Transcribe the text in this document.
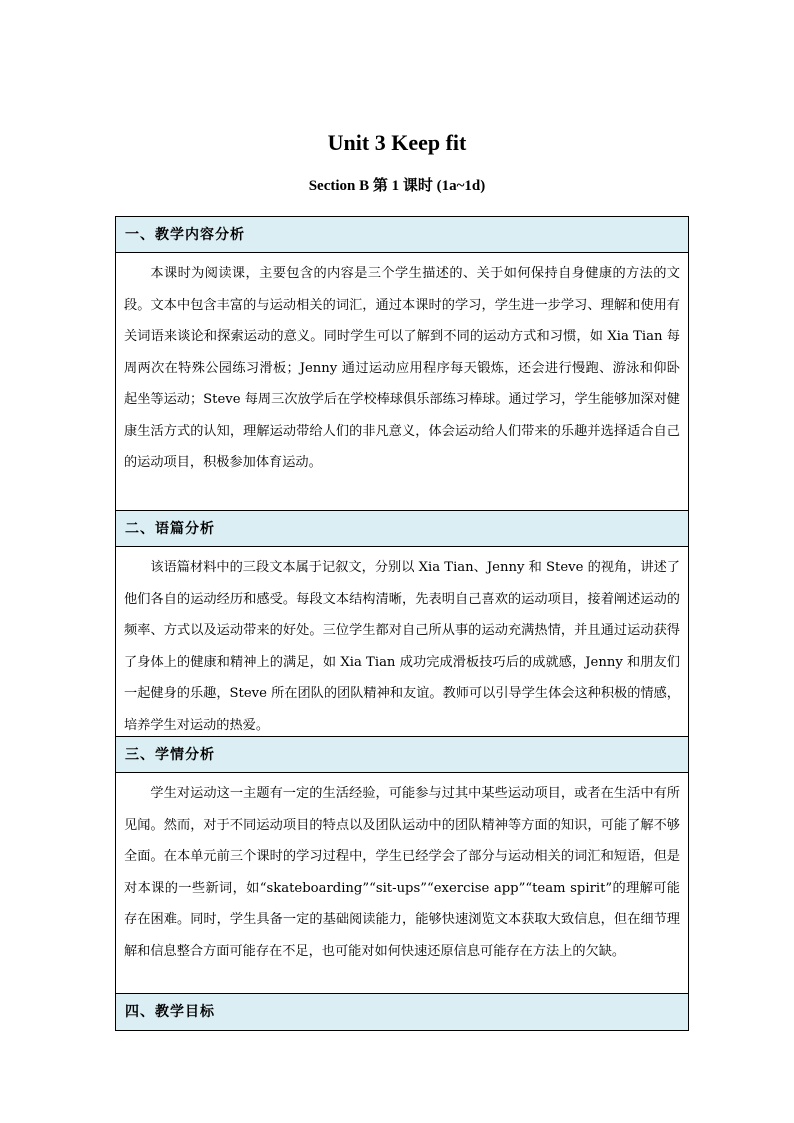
Unit 3 Keep fit
Section B 第 1 课时 (1a~1d)
一、教学内容分析
本课时为阅读课，主要包含的内容是三个学生描述的、关于如何保持自身健康的方法的文段。文本中包含丰富的与运动相关的词汇，通过本课时的学习，学生进一步学习、理解和使用有关词语来谈论和探索运动的意义。同时学生可以了解到不同的运动方式和习惯，如 Xia Tian 每周两次在特殊公园练习滑板；Jenny 通过运动应用程序每天锻炼，还会进行慢跑、游泳和仰卧起坐等运动；Steve 每周三次放学后在学校棒球俱乐部练习棒球。通过学习，学生能够加深对健康生活方式的认知，理解运动带给人们的非凡意义，体会运动给人们带来的乐趣并选择适合自己的运动项目，积极参加体育运动。
二、语篇分析
该语篇材料中的三段文本属于记叙文，分别以 Xia Tian、Jenny 和 Steve 的视角，讲述了他们各自的运动经历和感受。每段文本结构清晰，先表明自己喜欢的运动项目，接着阐述运动的频率、方式以及运动带来的好处。三位学生都对自己所从事的运动充满热情，并且通过运动获得了身体上的健康和精神上的满足，如 Xia Tian 成功完成滑板技巧后的成就感，Jenny 和朋友们一起健身的乐趣，Steve 所在团队的团队精神和友谊。教师可以引导学生体会这种积极的情感，培养学生对运动的热爱。
三、学情分析
学生对运动这一主题有一定的生活经验，可能参与过其中某些运动项目，或者在生活中有所见闻。然而，对于不同运动项目的特点以及团队运动中的团队精神等方面的知识，可能了解不够全面。在本单元前三个课时的学习过程中，学生已经学会了部分与运动相关的词汇和短语，但是对本课的一些新词，如“skateboarding”“sit-ups”“exercise app”“team spirit”的理解可能存在困难。同时，学生具备一定的基础阅读能力，能够快速浏览文本获取大致信息，但在细节理解和信息整合方面可能存在不足，也可能对如何快速还原信息可能存在方法上的欠缺。
四、教学目标
